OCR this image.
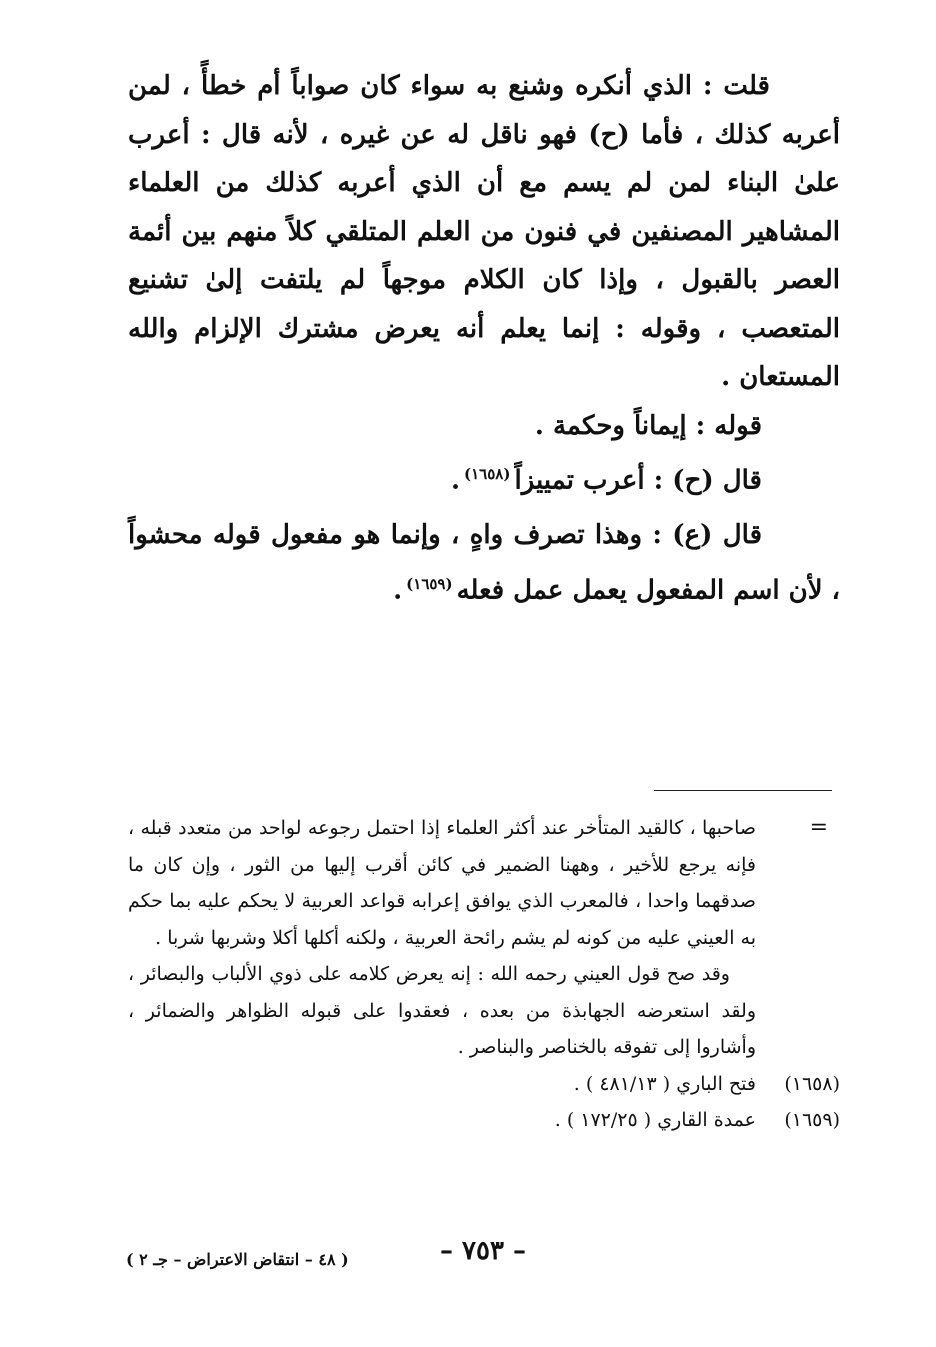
قلت : الذي أنكره وشنع به سواء كان صواباً أم خطأً ، لمن أعربه كذلك ، فأما (ح) فهو ناقل له عن غيره ، لأنه قال : أعرب علىٰ البناء لمن لم يسم مع أن الذي أعربه كذلك من العلماء المشاهير المصنفين في فنون من العلم المتلقي كلاً منهم بين أئمة العصر بالقبول ، وإذا كان الكلام موجهاً لم يلتفت إلىٰ تشنيع المتعصب ، وقوله : إنما يعلم أنه يعرض مشترك الإلزام والله المستعان .

قوله : إيماناً وحكمة .

قال (ح) : أعرب تمييزاً$^{(١٦٥٨)}$.

قال (ع) : وهذا تصرف واهٍ ، وإنما هو مفعول قوله محشواً ، لأن اسم المفعول يعمل عمل فعله$^{(١٦٥٩)}$.

=
صاحبها ، كالقيد المتأخر عند أكثر العلماء إذا احتمل رجوعه لواحد من متعدد قبله ، فإنه يرجع للأخير ، وههنا الضمير في كائن أقرب إليها من الثور ، وإن كان ما صدقهما واحدا ، فالمعرب الذي يوافق إعرابه قواعد العربية لا يحكم عليه بما حكم به العيني عليه من كونه لم يشم رائحة العربية ، ولكنه أكلها أكلا وشربها شربا .

وقد صح قول العيني رحمه الله : إنه يعرض كلامه على ذوي الألباب والبصائر ، ولقد استعرضه الجهابذة من بعده ، فعقدوا على قبوله الظواهر والضمائر ، وأشاروا إلى تفوقه بالخناصر والبناصر .

(١٦٥٨)
فتح الباري ( ٤٨١/١٣ ) .

(١٦٥٩)
عمدة القاري ( ١٧٢/٢٥ ) .

– ٧٥٣ –
( ٤٨ – انتقاض الاعتراض – جـ ٢ )
